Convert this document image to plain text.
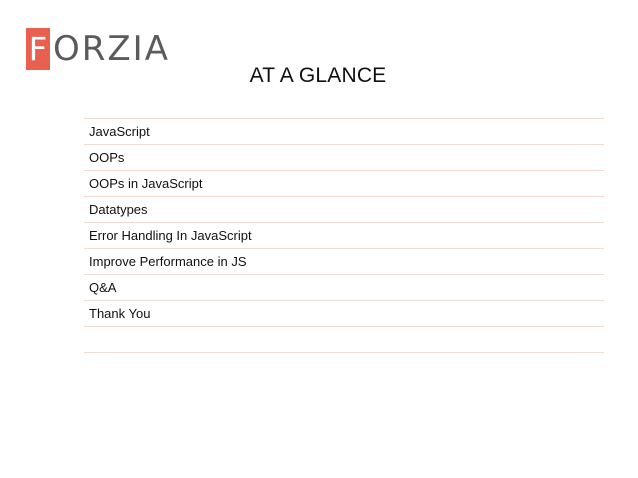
F ORZIA
AT A GLANCE
JavaScript
OOPs
OOPs in JavaScript
Datatypes
Error Handling In JavaScript
Improve Performance in JS
Q&A
Thank You
